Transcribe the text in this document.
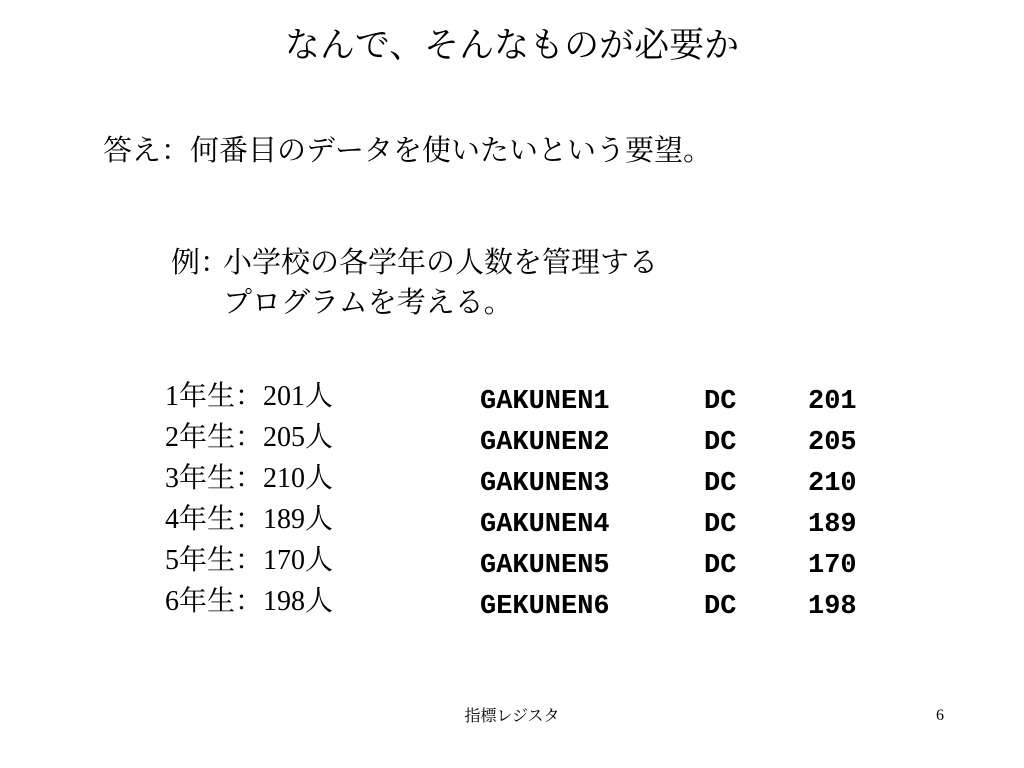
なんで、そんなものが必要か
答え：何番目のデータを使いたいという要望。
例：
小学校の各学年の人数を管理する
プログラムを考える。
1年生：201人
2年生：205人
3年生：210人
4年生：189人
5年生：170人
6年生：198人
GAKUNEN1	DC	201
GAKUNEN2	DC	205
GAKUNEN3	DC	210
GAKUNEN4	DC	189
GAKUNEN5	DC	170
GEKUNEN6	DC	198
指標レジスタ	6
